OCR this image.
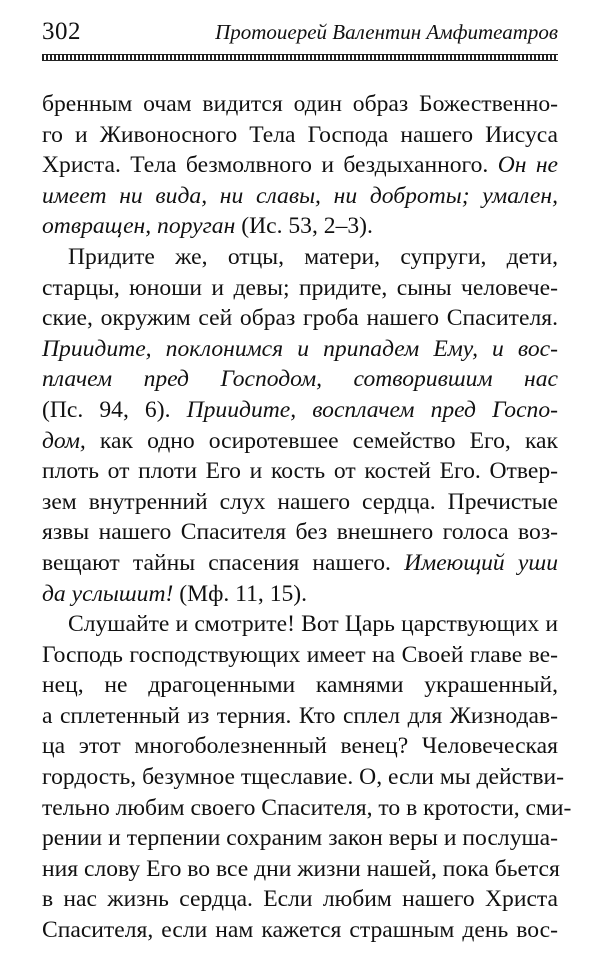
302	Протоиерей Валентин Амфитеатров
бренным очам видится один образ Божественно-
го и Живоносного Тела Господа нашего Иисуса
Христа. Тела безмолвного и бездыханного. Он не
имеет ни вида, ни славы, ни доброты; умален,
отвращен, поруган (Ис. 53, 2–3).
Придите же, отцы, матери, супруги, дети,
старцы, юноши и девы; придите, сыны человече-
ские, окружим сей образ гроба нашего Спасителя.
Приидите, поклонимся и припадем Ему, и вос-
плачем пред Господом, сотворившим нас
(Пс. 94, 6). Приидите, восплачем пред Госпо-
дом, как одно осиротевшее семейство Его, как
плоть от плоти Его и кость от костей Его. Отвер-
зем внутренний слух нашего сердца. Пречистые
язвы нашего Спасителя без внешнего голоса воз-
вещают тайны спасения нашего. Имеющий уши
да услышит! (Мф. 11, 15).
Слушайте и смотрите! Вот Царь царствующих и
Господь господствующих имеет на Своей главе ве-
нец, не драгоценными камнями украшенный,
а сплетенный из терния. Кто сплел для Жизнодав-
ца этот многоболезненный венец? Человеческая
гордость, безумное тщеславие. О, если мы действи-
тельно любим своего Спасителя, то в кротости, сми-
рении и терпении сохраним закон веры и послуша-
ния слову Его во все дни жизни нашей, пока бьется
в нас жизнь сердца. Если любим нашего Христа
Спасителя, если нам кажется страшным день вос-
